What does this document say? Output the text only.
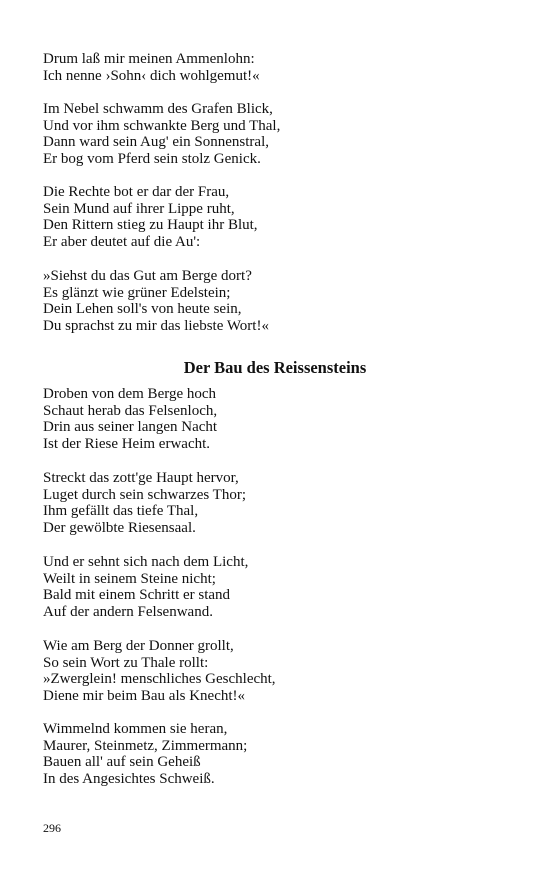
Drum laß mir meinen Ammenlohn:
Ich nenne ›Sohn‹ dich wohlgemut!«
Im Nebel schwamm des Grafen Blick,
Und vor ihm schwankte Berg und Thal,
Dann ward sein Aug' ein Sonnenstral,
Er bog vom Pferd sein stolz Genick.
Die Rechte bot er dar der Frau,
Sein Mund auf ihrer Lippe ruht,
Den Rittern stieg zu Haupt ihr Blut,
Er aber deutet auf die Au':
»Siehst du das Gut am Berge dort?
Es glänzt wie grüner Edelstein;
Dein Lehen soll's von heute sein,
Du sprachst zu mir das liebste Wort!«
Der Bau des Reissensteins
Droben von dem Berge hoch
Schaut herab das Felsenloch,
Drin aus seiner langen Nacht
Ist der Riese Heim erwacht.
Streckt das zott'ge Haupt hervor,
Luget durch sein schwarzes Thor;
Ihm gefällt das tiefe Thal,
Der gewölbte Riesensaal.
Und er sehnt sich nach dem Licht,
Weilt in seinem Steine nicht;
Bald mit einem Schritt er stand
Auf der andern Felsenwand.
Wie am Berg der Donner grollt,
So sein Wort zu Thale rollt:
»Zwerglein! menschliches Geschlecht,
Diene mir beim Bau als Knecht!«
Wimmelnd kommen sie heran,
Maurer, Steinmetz, Zimmermann;
Bauen all' auf sein Geheiß
In des Angesichtes Schweiß.
296
